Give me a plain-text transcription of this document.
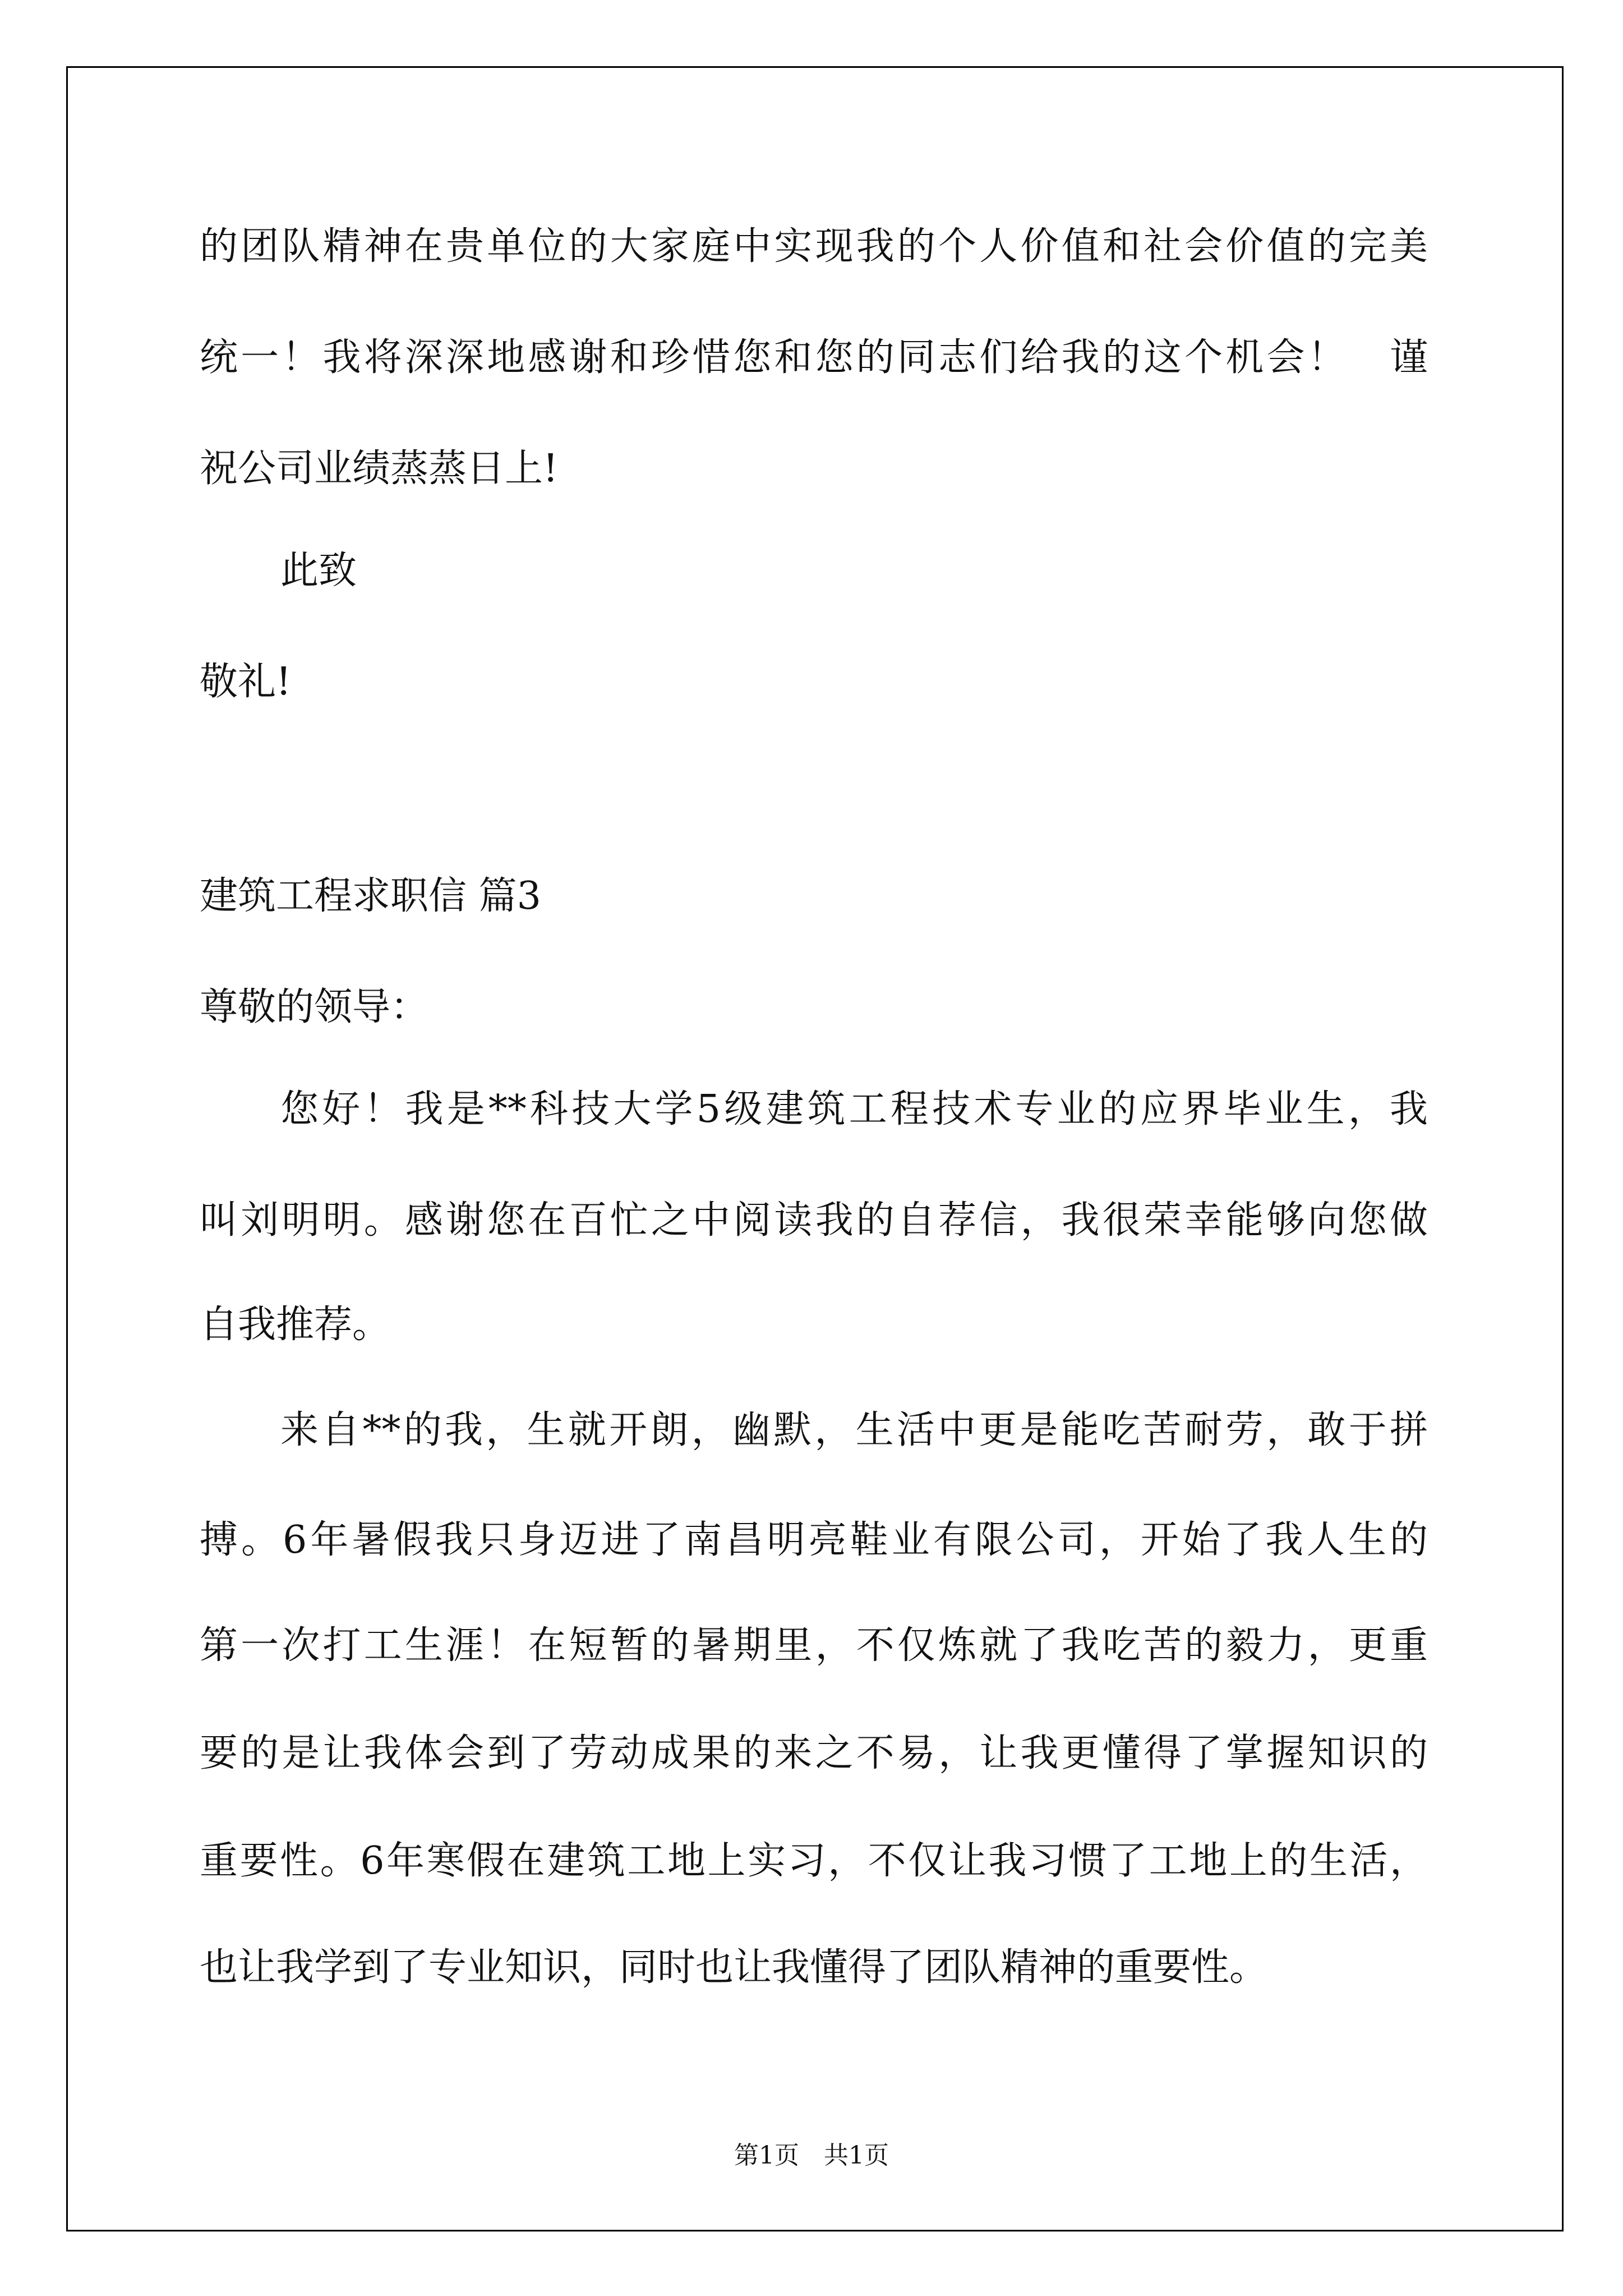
的团队精神在贵单位的大家庭中实现我的个人价值和社会价值的完美

统一！我将深深地感谢和珍惜您和您的同志们给我的这个机会！　谨

祝公司业绩蒸蒸日上!

此致

敬礼!

建筑工程求职信 篇3

尊敬的领导：

您好！我是**科技大学5级建筑工程技术专业的应界毕业生，我

叫刘明明。感谢您在百忙之中阅读我的自荐信，我很荣幸能够向您做

自我推荐。

来自**的我，生就开朗，幽默，生活中更是能吃苦耐劳，敢于拼

搏。6年暑假我只身迈进了南昌明亮鞋业有限公司，开始了我人生的

第一次打工生涯！在短暂的暑期里，不仅炼就了我吃苦的毅力，更重

要的是让我体会到了劳动成果的来之不易，让我更懂得了掌握知识的

重要性。6年寒假在建筑工地上实习，不仅让我习惯了工地上的生活，

也让我学到了专业知识，同时也让我懂得了团队精神的重要性。

第1页　共1页
